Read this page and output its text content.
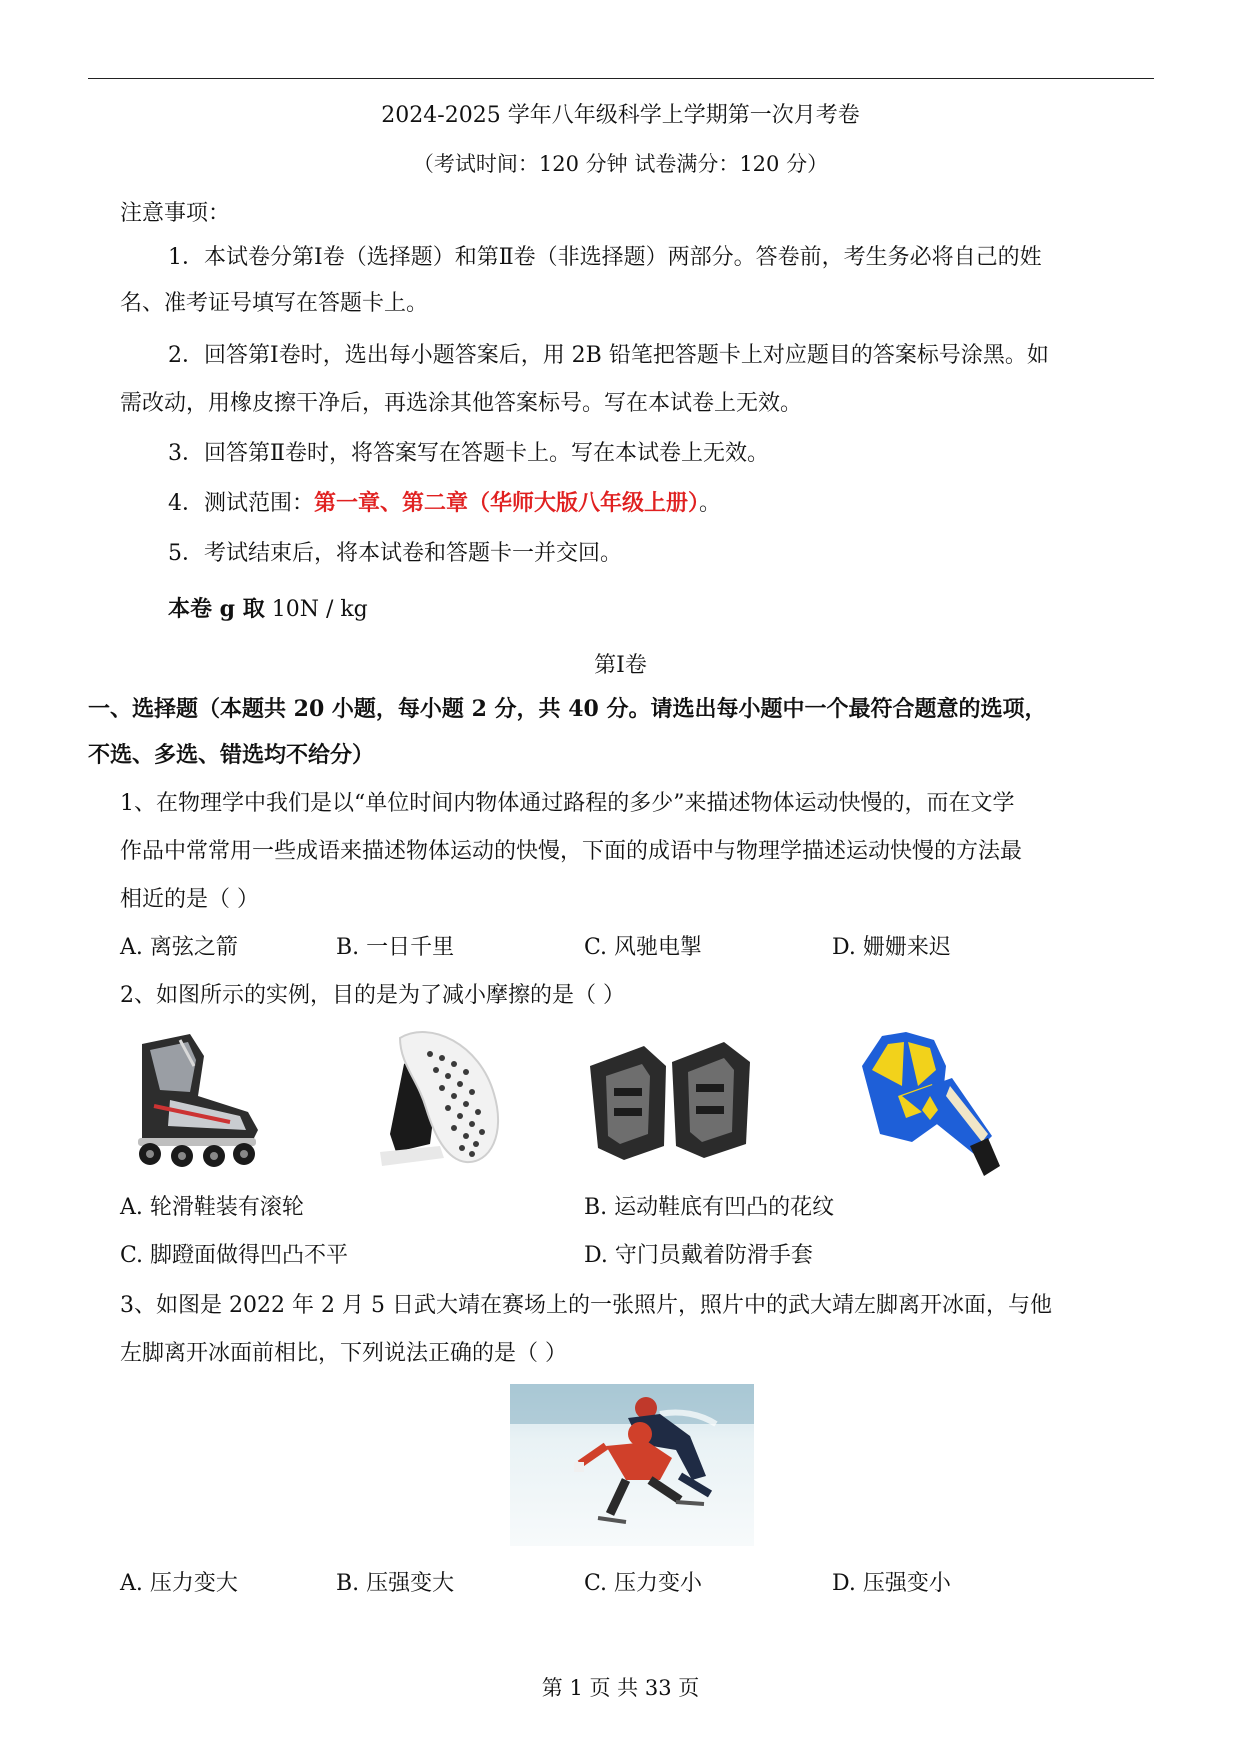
2024-2025 学年八年级科学上学期第一次月考卷
（考试时间：120 分钟 试卷满分：120 分）
注意事项：
1．本试卷分第Ⅰ卷（选择题）和第Ⅱ卷（非选择题）两部分。答卷前，考生务必将自己的姓
名、准考证号填写在答题卡上。
2．回答第Ⅰ卷时，选出每小题答案后，用 2B 铅笔把答题卡上对应题目的答案标号涂黑。如
需改动，用橡皮擦干净后，再选涂其他答案标号。写在本试卷上无效。
3．回答第Ⅱ卷时，将答案写在答题卡上。写在本试卷上无效。
4．测试范围：第一章、第二章（华师大版八年级上册）。
5．考试结束后，将本试卷和答题卡一并交回。
本卷 g 取 10N / kg
第Ⅰ卷
一、选择题（本题共 20 小题，每小题 2 分，共 40 分。请选出每小题中一个最符合题意的选项，
不选、多选、错选均不给分）
1、在物理学中我们是以“单位时间内物体通过路程的多少”来描述物体运动快慢的，而在文学
作品中常常用一些成语来描述物体运动的快慢，下面的成语中与物理学描述运动快慢的方法最
相近的是（ ）
A. 离弦之箭	B. 一日千里	C. 风驰电掣	D. 姗姗来迟
2、如图所示的实例，目的是为了减小摩擦的是（ ）
A. 轮滑鞋装有滚轮	B. 运动鞋底有凹凸的花纹
C. 脚蹬面做得凹凸不平	D. 守门员戴着防滑手套
3、如图是 2022 年 2 月 5 日武大靖在赛场上的一张照片，照片中的武大靖左脚离开冰面，与他
左脚离开冰面前相比，下列说法正确的是（ ）
A. 压力变大	B. 压强变大	C. 压力变小	D. 压强变小
第 1 页 共 33 页
